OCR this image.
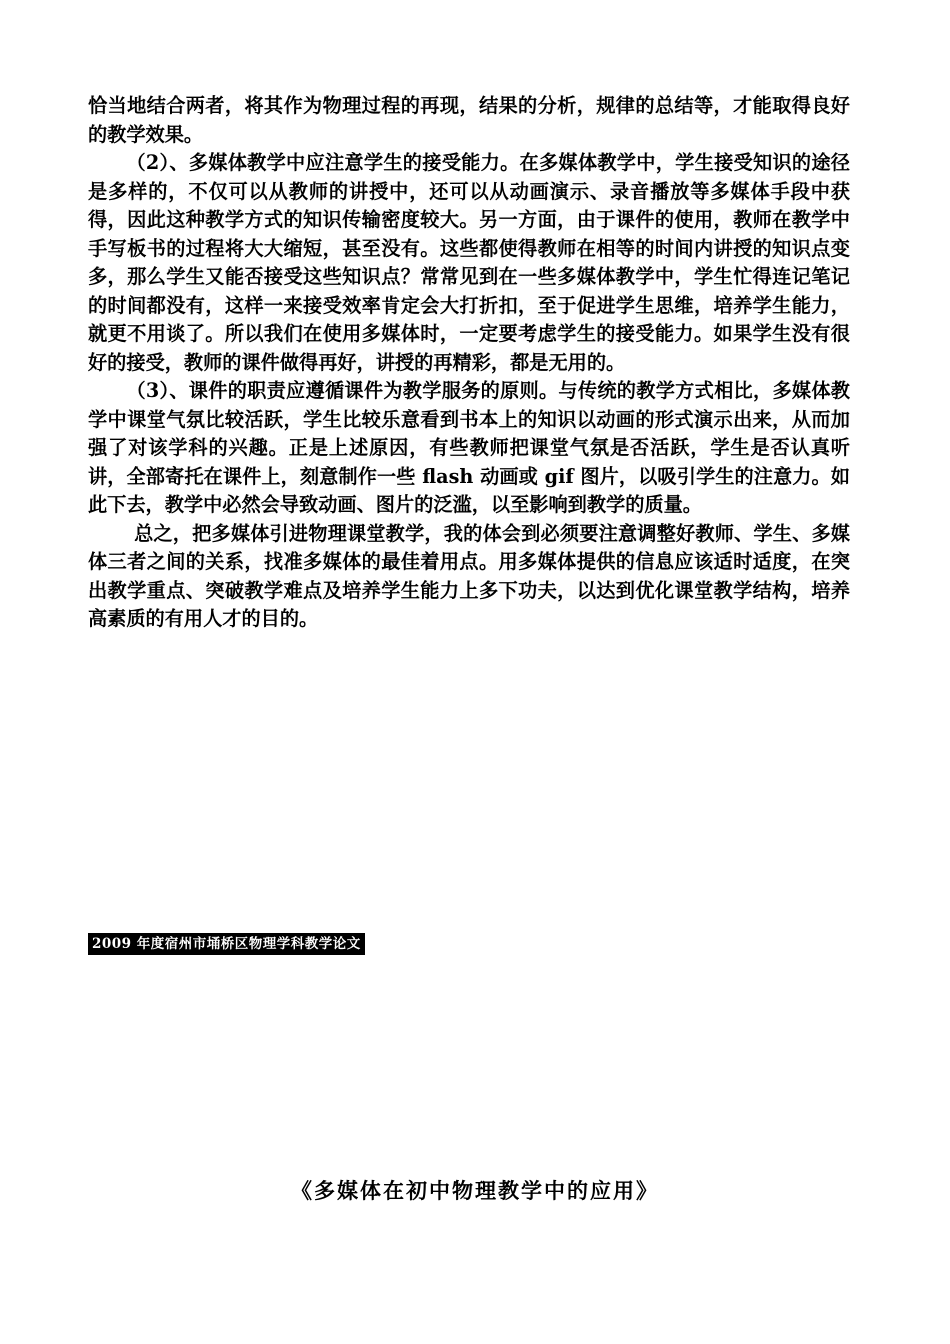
恰当地结合两者，将其作为物理过程的再现，结果的分析，规律的总结等，才能取得良好的教学效果。

（2）、多媒体教学中应注意学生的接受能力。在多媒体教学中，学生接受知识的途径是多样的，不仅可以从教师的讲授中，还可以从动画演示、录音播放等多媒体手段中获得，因此这种教学方式的知识传输密度较大。另一方面，由于课件的使用，教师在教学中手写板书的过程将大大缩短，甚至没有。这些都使得教师在相等的时间内讲授的知识点变多，那么学生又能否接受这些知识点？常常见到在一些多媒体教学中，学生忙得连记笔记的时间都没有，这样一来接受效率肯定会大打折扣，至于促进学生思维，培养学生能力，就更不用谈了。所以我们在使用多媒体时，一定要考虑学生的接受能力。如果学生没有很好的接受，教师的课件做得再好，讲授的再精彩，都是无用的。

（3）、课件的职责应遵循课件为教学服务的原则。与传统的教学方式相比，多媒体教学中课堂气氛比较活跃，学生比较乐意看到书本上的知识以动画的形式演示出来，从而加强了对该学科的兴趣。正是上述原因，有些教师把课堂气氛是否活跃，学生是否认真听讲，全部寄托在课件上，刻意制作一些 flash 动画或 gif 图片，以吸引学生的注意力。如此下去，教学中必然会导致动画、图片的泛滥，以至影响到教学的质量。

总之，把多媒体引进物理课堂教学，我的体会到必须要注意调整好教师、学生、多媒体三者之间的关系，找准多媒体的最佳着用点。用多媒体提供的信息应该适时适度，在突出教学重点、突破教学难点及培养学生能力上多下功夫，以达到优化课堂教学结构，培养高素质的有用人才的目的。

2009 年度宿州市埇桥区物理学科教学论文
《多媒体在初中物理教学中的应用》
